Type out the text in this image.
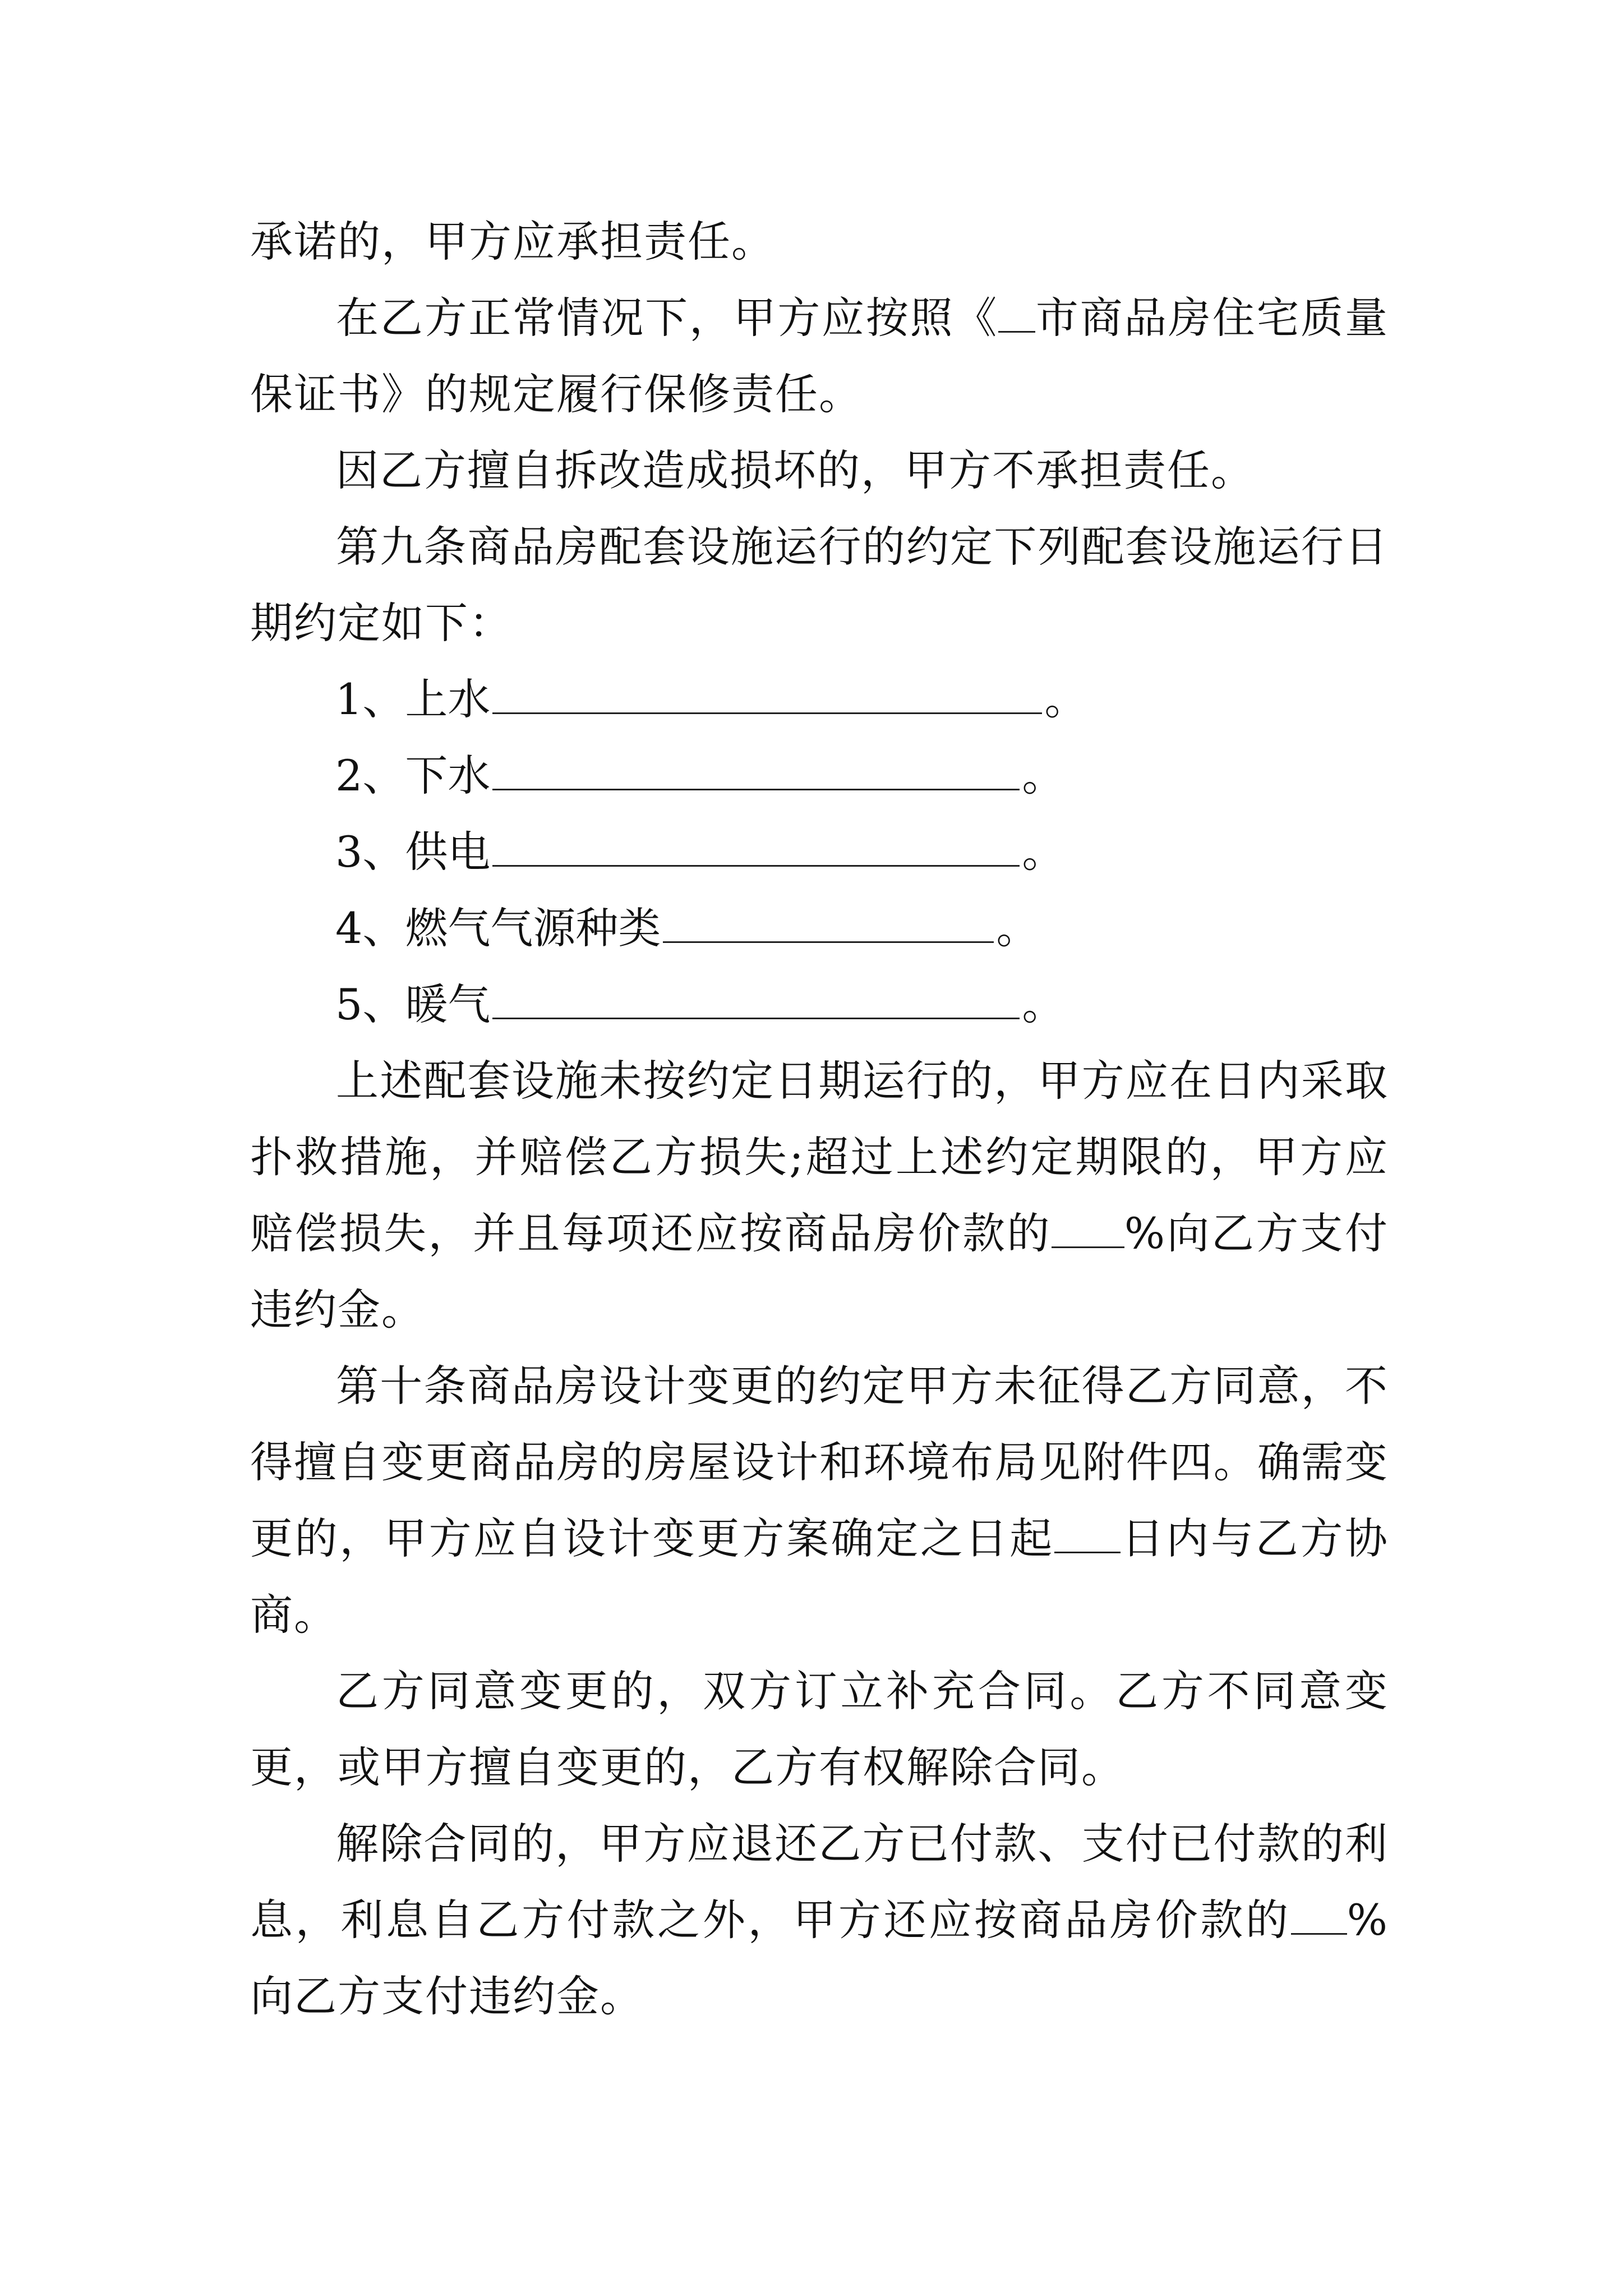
承诺的，甲方应承担责任。

在乙方正常情况下，甲方应按照《 市商品房住宅质量保证书》的规定履行保修责任。

因乙方擅自拆改造成损坏的，甲方不承担责任。

第九条商品房配套设施运行的约定下列配套设施运行日期约定如下：

1、上水	。
2、下水	。
3、供电	。
4、燃气气源种类	。
5、暖气	。

上述配套设施未按约定日期运行的，甲方应在日内采取扑救措施，并赔偿乙方损失;超过上述约定期限的，甲方应赔偿损失，并且每项还应按商品房价款的 %向乙方支付违约金。

第十条商品房设计变更的约定甲方未征得乙方同意，不得擅自变更商品房的房屋设计和环境布局见附件四。确需变更的，甲方应自设计变更方案确定之日起 日内与乙方协商。

乙方同意变更的，双方订立补充合同。乙方不同意变更，或甲方擅自变更的，乙方有权解除合同。

解除合同的，甲方应退还乙方已付款、支付已付款的利息，利息自乙方付款之外，甲方还应按商品房价款的 %向乙方支付违约金。
